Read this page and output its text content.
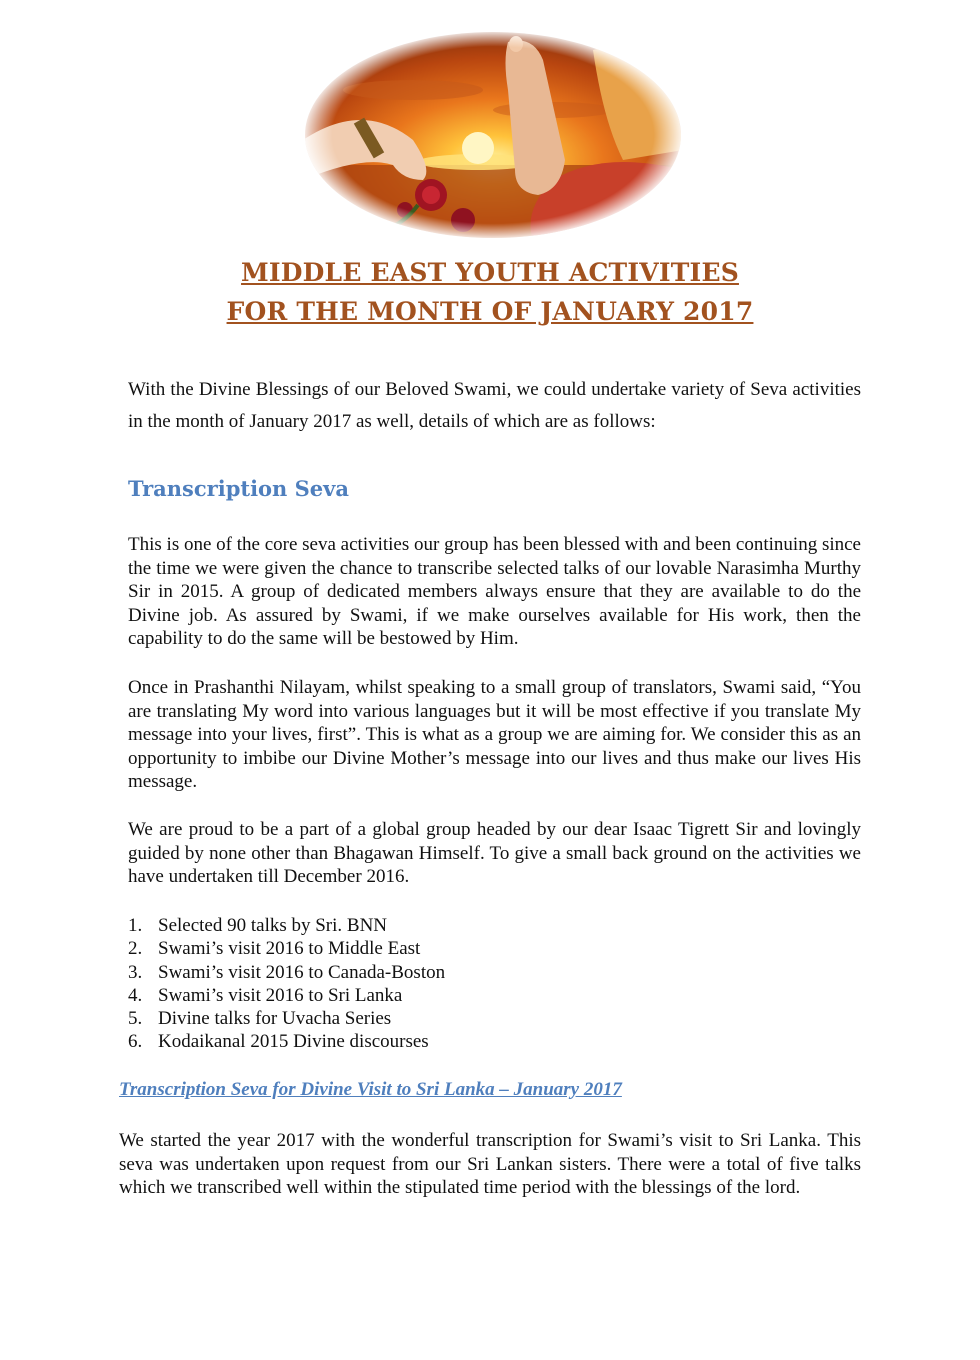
MIDDLE EAST YOUTH ACTIVITIES
FOR THE MONTH OF JANUARY 2017
With the Divine Blessings of our Beloved Swami, we could undertake variety of Seva activities in the month of January 2017 as well, details of which are as follows:
Transcription Seva
This is one of the core seva activities our group has been blessed with and been continuing since the time we were given the chance to transcribe selected talks of our lovable Narasimha Murthy Sir in 2015. A group of dedicated members always ensure that they are available to do the Divine job. As assured by Swami, if we make ourselves available for His work, then the capability to do the same will be bestowed by Him.
Once in Prashanthi Nilayam, whilst speaking to a small group of translators, Swami said, “You are translating My word into various languages but it will be most effective if you translate My message into your lives, first”. This is what as a group we are aiming for. We consider this as an opportunity to imbibe our Divine Mother’s message into our lives and thus make our lives His message.
We are proud to be a part of a global group headed by our dear Isaac Tigrett Sir and lovingly guided by none other than Bhagawan Himself. To give a small back ground on the activities we have undertaken till December 2016.
1. Selected 90 talks by Sri. BNN
2. Swami’s visit 2016 to Middle East
3. Swami’s visit 2016 to Canada-Boston
4. Swami’s visit 2016 to Sri Lanka
5. Divine talks for Uvacha Series
6. Kodaikanal 2015 Divine discourses
Transcription Seva for Divine Visit to Sri Lanka – January 2017
We started the year 2017 with the wonderful transcription for Swami’s visit to Sri Lanka. This seva was undertaken upon request from our Sri Lankan sisters. There were a total of five talks which we transcribed well within the stipulated time period with the blessings of the lord.
